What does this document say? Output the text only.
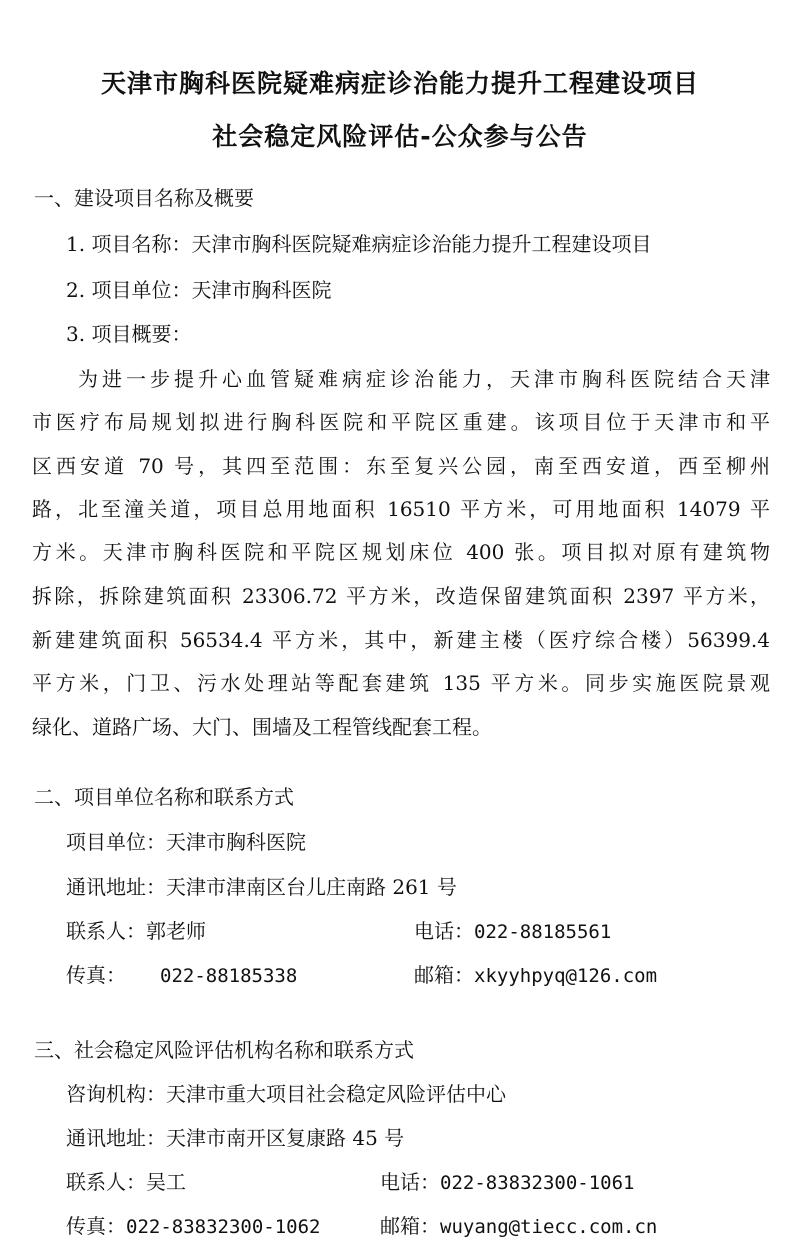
天津市胸科医院疑难病症诊治能力提升工程建设项目
社会稳定风险评估-公众参与公告
一、建设项目名称及概要
1. 项目名称：天津市胸科医院疑难病症诊治能力提升工程建设项目
2. 项目单位：天津市胸科医院
3. 项目概要：
为进一步提升心血管疑难病症诊治能力，天津市胸科医院结合天津
市医疗布局规划拟进行胸科医院和平院区重建。该项目位于天津市和平
区西安道 70 号，其四至范围：东至复兴公园，南至西安道，西至柳州
路，北至潼关道，项目总用地面积 16510 平方米，可用地面积 14079 平
方米。天津市胸科医院和平院区规划床位 400 张。项目拟对原有建筑物
拆除，拆除建筑面积 23306.72 平方米，改造保留建筑面积 2397 平方米，
新建建筑面积 56534.4 平方米，其中，新建主楼（医疗综合楼）56399.4
平方米，门卫、污水处理站等配套建筑 135 平方米。同步实施医院景观
绿化、道路广场、大门、围墙及工程管线配套工程。
二、项目单位名称和联系方式
项目单位：天津市胸科医院
通讯地址：天津市津南区台儿庄南路 261 号
联系人：郭老师	电话：022-88185561
传真： 022-88185338	邮箱：xkyyhpyq@126.com
三、社会稳定风险评估机构名称和联系方式
咨询机构：天津市重大项目社会稳定风险评估中心
通讯地址：天津市南开区复康路 45 号
联系人：吴工	电话：022-83832300-1061
传真：022-83832300-1062	邮箱：wuyang@tiecc.com.cn
